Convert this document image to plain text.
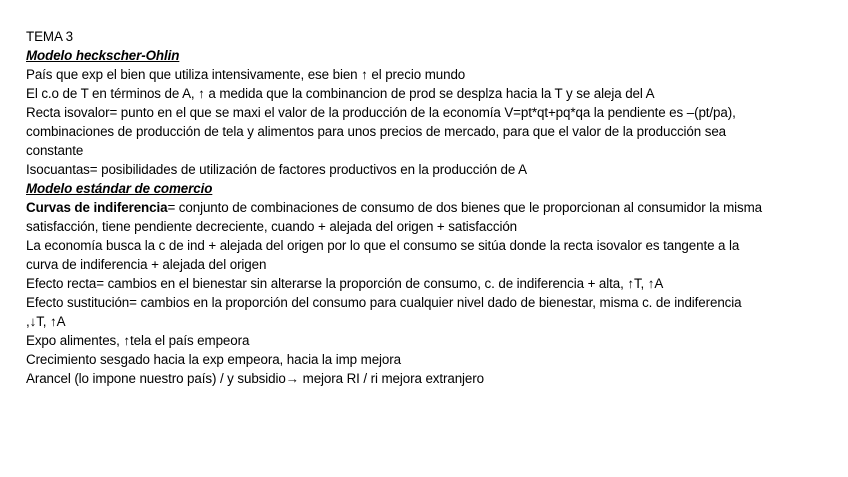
TEMA 3

Modelo heckscher-Ohlin

País que exp el bien que utiliza intensivamente, ese bien ↑ el precio mundo

El c.o de T en términos de A, ↑ a medida que la combinancion de prod se desplza hacia la T y se aleja del A

Recta isovalor= punto en el que se maxi el valor de la producción de la economía V=pt*qt+pq*qa la pendiente es –(pt/pa),

combinaciones de producción de tela y alimentos para unos precios de mercado, para que el valor de la producción sea

constante

Isocuantas= posibilidades de utilización de factores productivos en la producción de A

Modelo estándar de comercio

Curvas de indiferencia= conjunto de combinaciones de consumo de dos bienes que le proporcionan al consumidor la misma

satisfacción, tiene pendiente decreciente, cuando + alejada del origen + satisfacción

La economía busca la c de ind + alejada del origen por lo que el consumo se sitúa donde la recta isovalor es tangente a la

curva de indiferencia + alejada del origen

Efecto recta= cambios en el bienestar sin alterarse la proporción de consumo, c. de indiferencia + alta, ↑T, ↑A

Efecto sustitución= cambios en la proporción del consumo para cualquier nivel dado de bienestar, misma c. de indiferencia

,↓T, ↑A

Expo alimentes, ↑tela el país empeora

Crecimiento sesgado hacia la exp empeora, hacia la imp mejora

Arancel (lo impone nuestro país) / y subsidio→ mejora RI / ri mejora extranjero
